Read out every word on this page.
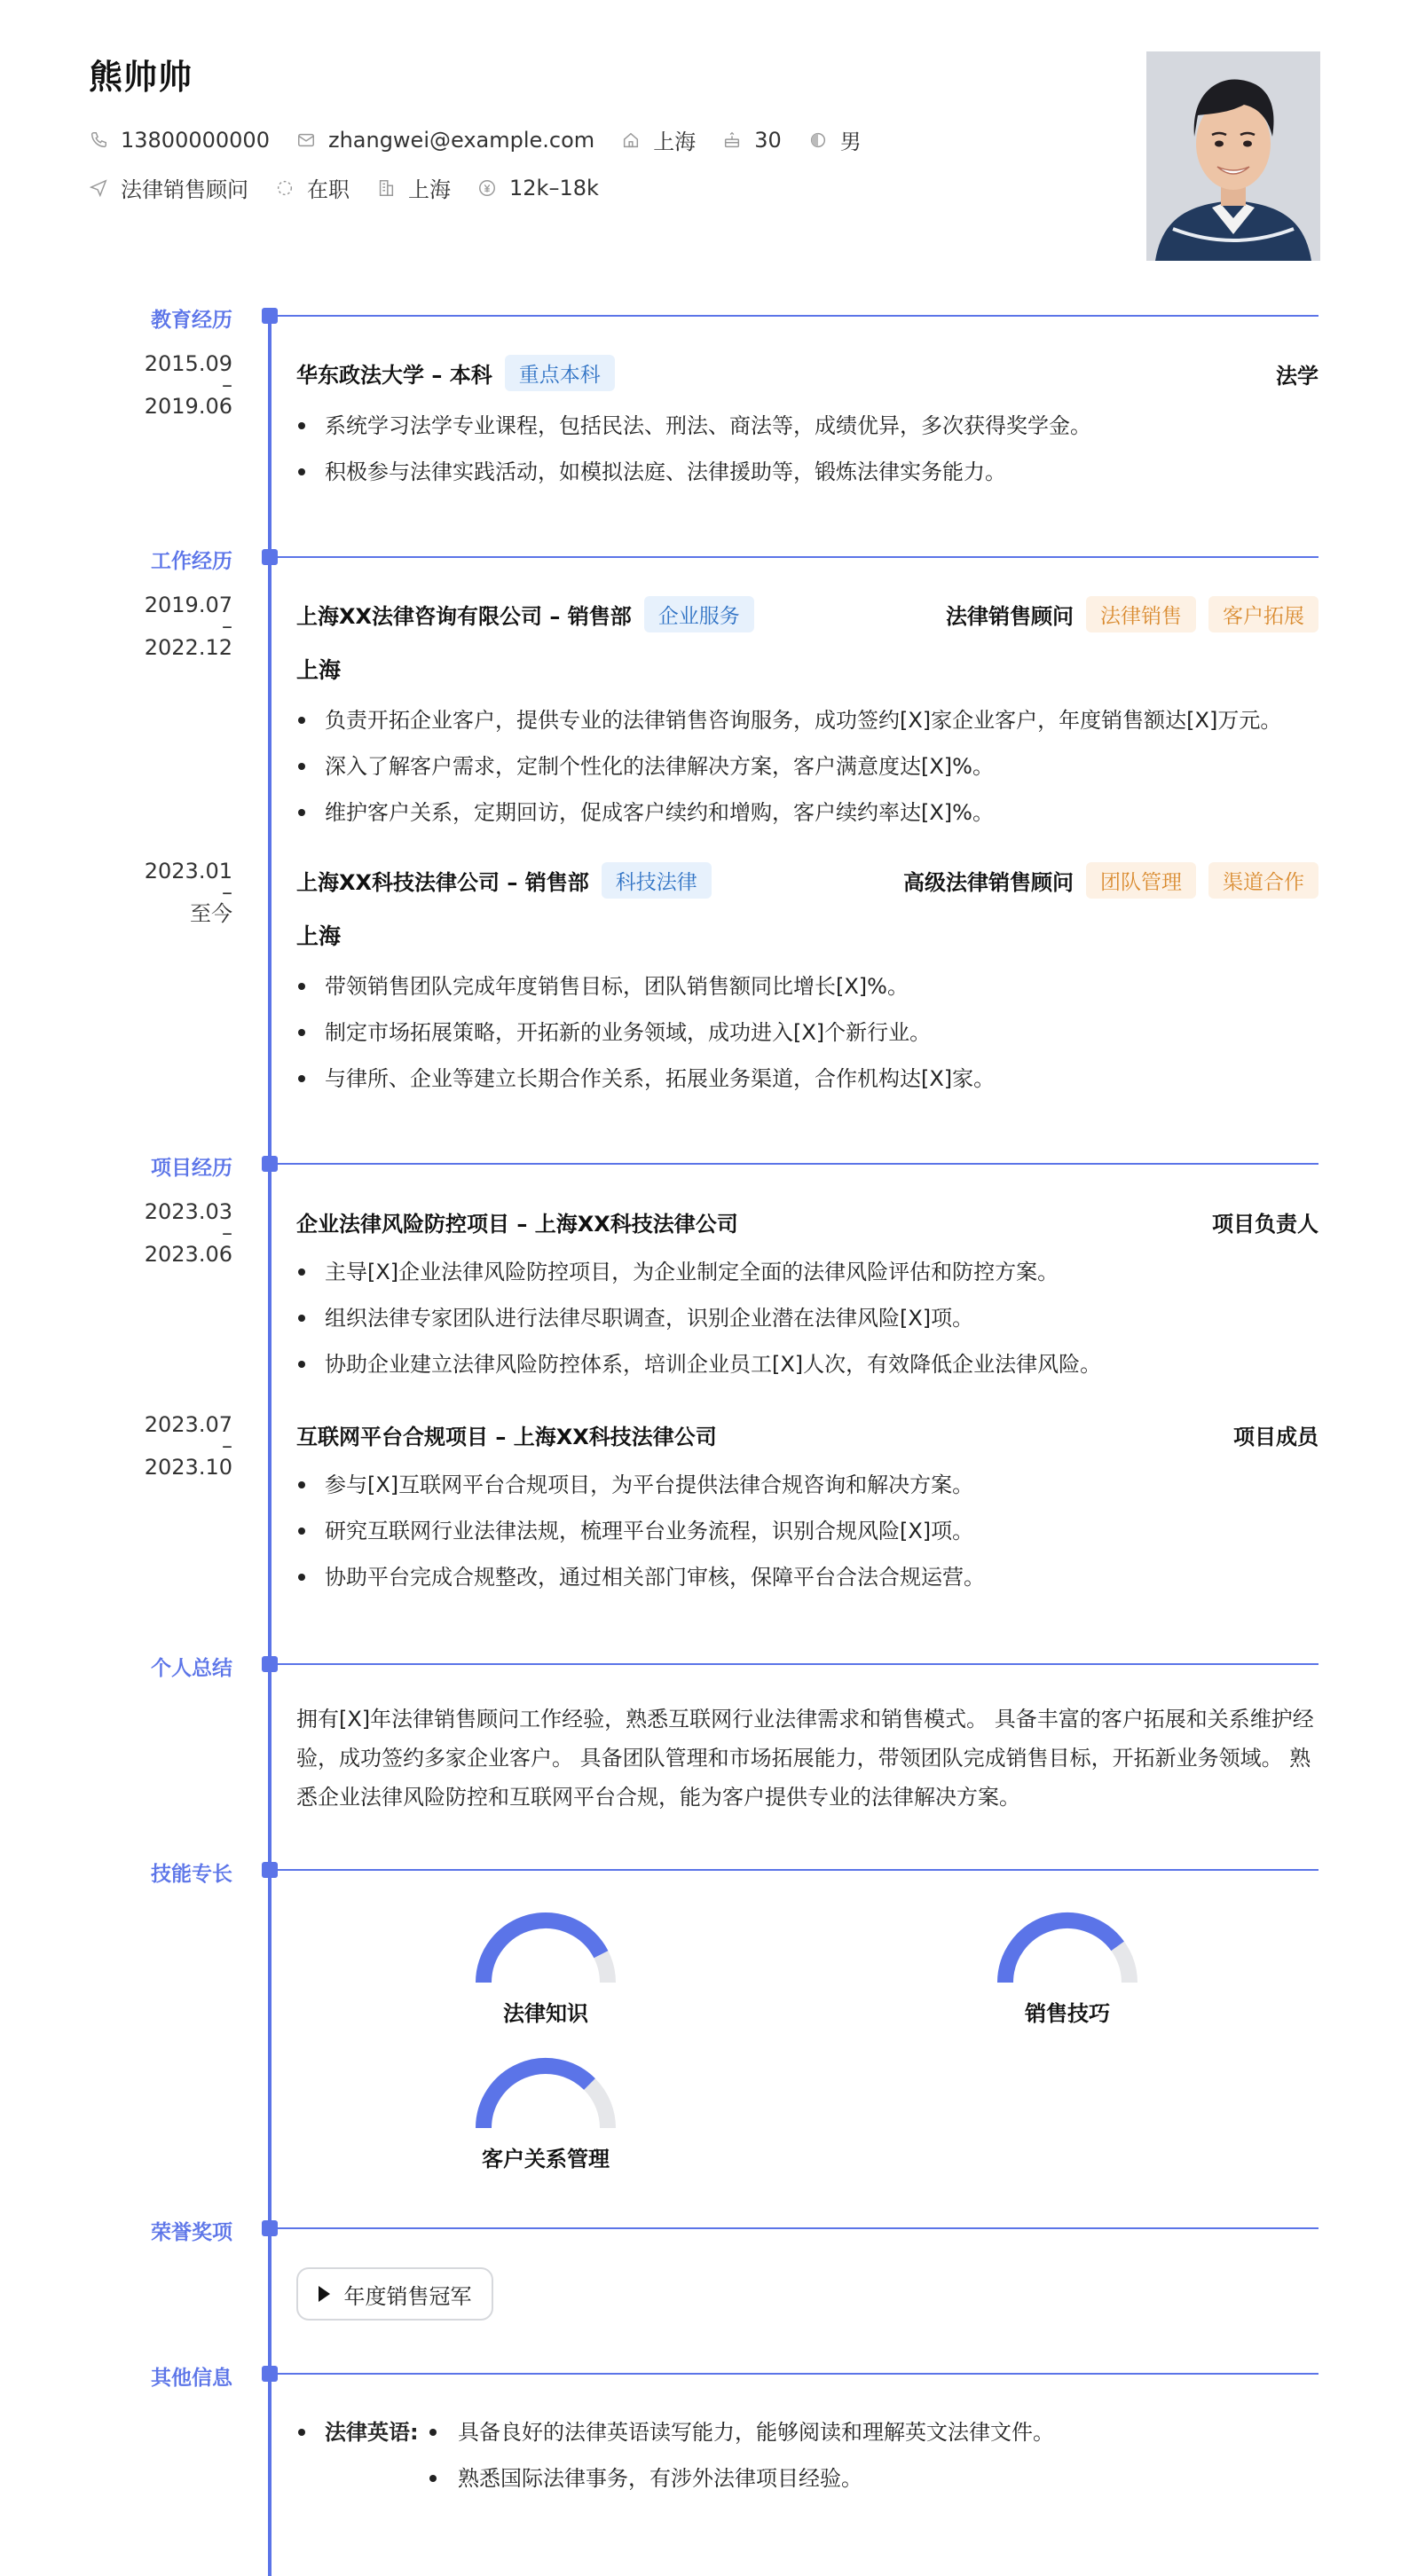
熊帅帅
13800000000	zhangwei@example.com	上海	30	男
法律销售顾问	在职	上海	12k–18k
教育经历
工作经历
项目经历
个人总结
技能专长
荣誉奖项
其他信息
2015.09
–
2019.06
华东政法大学 – 本科	重点本科	法学
系统学习法学专业课程，包括民法、刑法、商法等，成绩优异，多次获得奖学金。
积极参与法律实践活动，如模拟法庭、法律援助等，锻炼法律实务能力。
2019.07
–
2022.12
上海XX法律咨询有限公司 – 销售部	企业服务	法律销售顾问	法律销售	客户拓展
上海
负责开拓企业客户，提供专业的法律销售咨询服务，成功签约[X]家企业客户，年度销售额达[X]万元。
深入了解客户需求，定制个性化的法律解决方案，客户满意度达[X]%。
维护客户关系，定期回访，促成客户续约和增购，客户续约率达[X]%。
2023.01
–
至今
上海XX科技法律公司 – 销售部	科技法律	高级法律销售顾问	团队管理	渠道合作
上海
带领销售团队完成年度销售目标，团队销售额同比增长[X]%。
制定市场拓展策略，开拓新的业务领域，成功进入[X]个新行业。
与律所、企业等建立长期合作关系，拓展业务渠道，合作机构达[X]家。
2023.03
–
2023.06
企业法律风险防控项目 – 上海XX科技法律公司	项目负责人
主导[X]企业法律风险防控项目，为企业制定全面的法律风险评估和防控方案。
组织法律专家团队进行法律尽职调查，识别企业潜在法律风险[X]项。
协助企业建立法律风险防控体系，培训企业员工[X]人次，有效降低企业法律风险。
2023.07
–
2023.10
互联网平台合规项目 – 上海XX科技法律公司	项目成员
参与[X]互联网平台合规项目，为平台提供法律合规咨询和解决方案。
研究互联网行业法律法规，梳理平台业务流程，识别合规风险[X]项。
协助平台完成合规整改，通过相关部门审核，保障平台合法合规运营。
拥有[X]年法律销售顾问工作经验，熟悉互联网行业法律需求和销售模式。 具备丰富的客户拓展和关系维护经
验，成功签约多家企业客户。 具备团队管理和市场拓展能力，带领团队完成销售目标，开拓新业务领域。 熟
悉企业法律风险防控和互联网平台合规，能为客户提供专业的法律解决方案。
法律知识	销售技巧
客户关系管理
年度销售冠军
法律英语: 具备良好的法律英语读写能力，能够阅读和理解英文法律文件。
熟悉国际法律事务，有涉外法律项目经验。
